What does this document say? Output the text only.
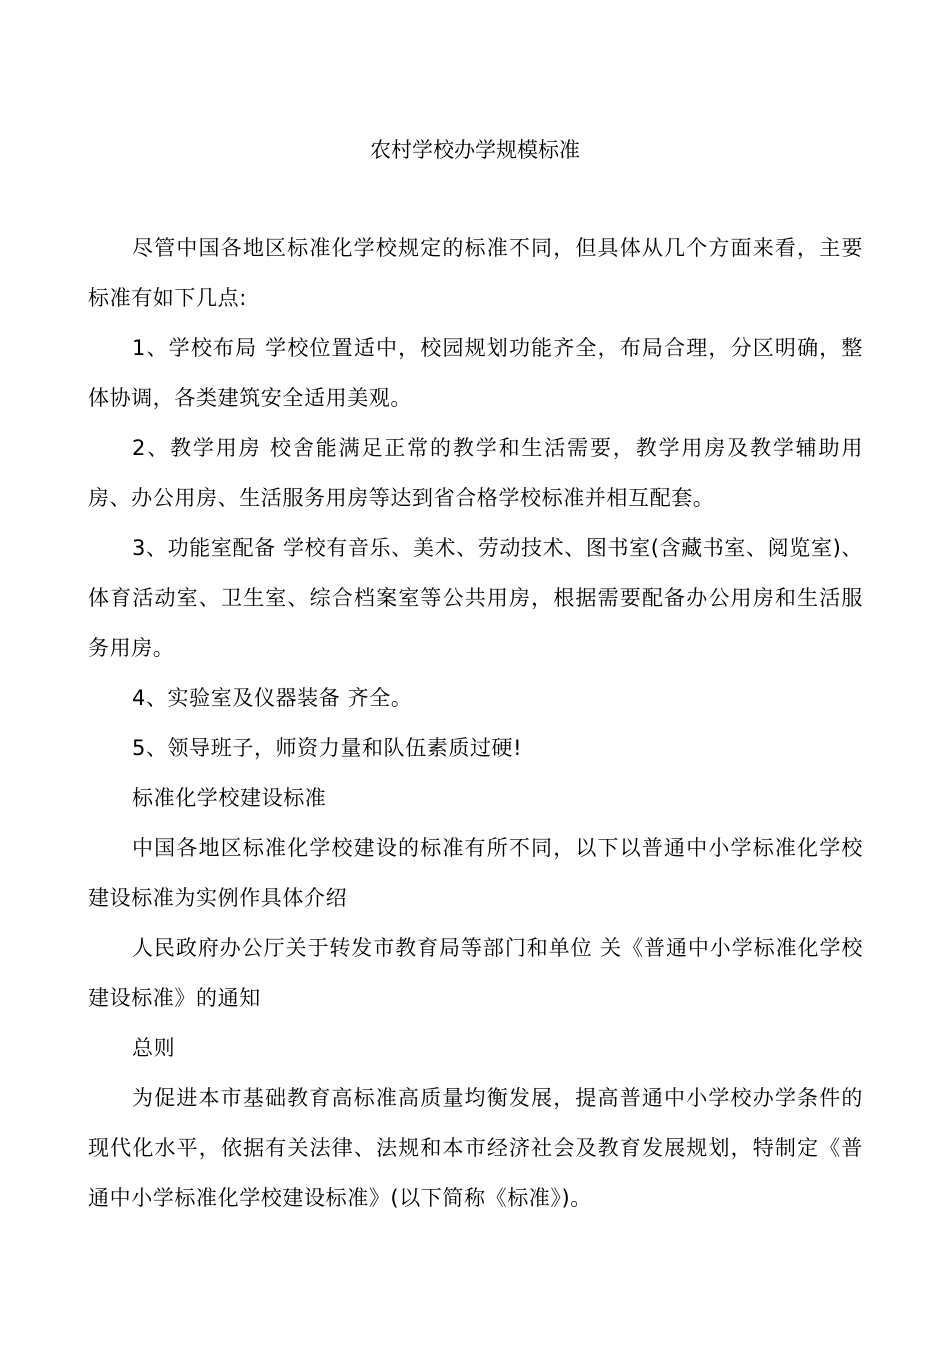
农村学校办学规模标准

尽管中国各地区标准化学校规定的标准不同，但具体从几个方面来看，主要标准有如下几点:

1、学校布局 学校位置适中，校园规划功能齐全，布局合理，分区明确，整体协调，各类建筑安全适用美观。

2、教学用房 校舍能满足正常的教学和生活需要，教学用房及教学辅助用房、办公用房、生活服务用房等达到省合格学校标准并相互配套。

3、功能室配备 学校有音乐、美术、劳动技术、图书室(含藏书室、阅览室)、体育活动室、卫生室、综合档案室等公共用房，根据需要配备办公用房和生活服务用房。

4、实验室及仪器装备 齐全。

5、领导班子，师资力量和队伍素质过硬!

标准化学校建设标准

中国各地区标准化学校建设的标准有所不同，以下以普通中小学标准化学校建设标准为实例作具体介绍

人民政府办公厅关于转发市教育局等部门和单位 关《普通中小学标准化学校建设标准》的通知

总则

为促进本市基础教育高标准高质量均衡发展，提高普通中小学校办学条件的现代化水平，依据有关法律、法规和本市经济社会及教育发展规划，特制定《普通中小学标准化学校建设标准》(以下简称《标准》)。
